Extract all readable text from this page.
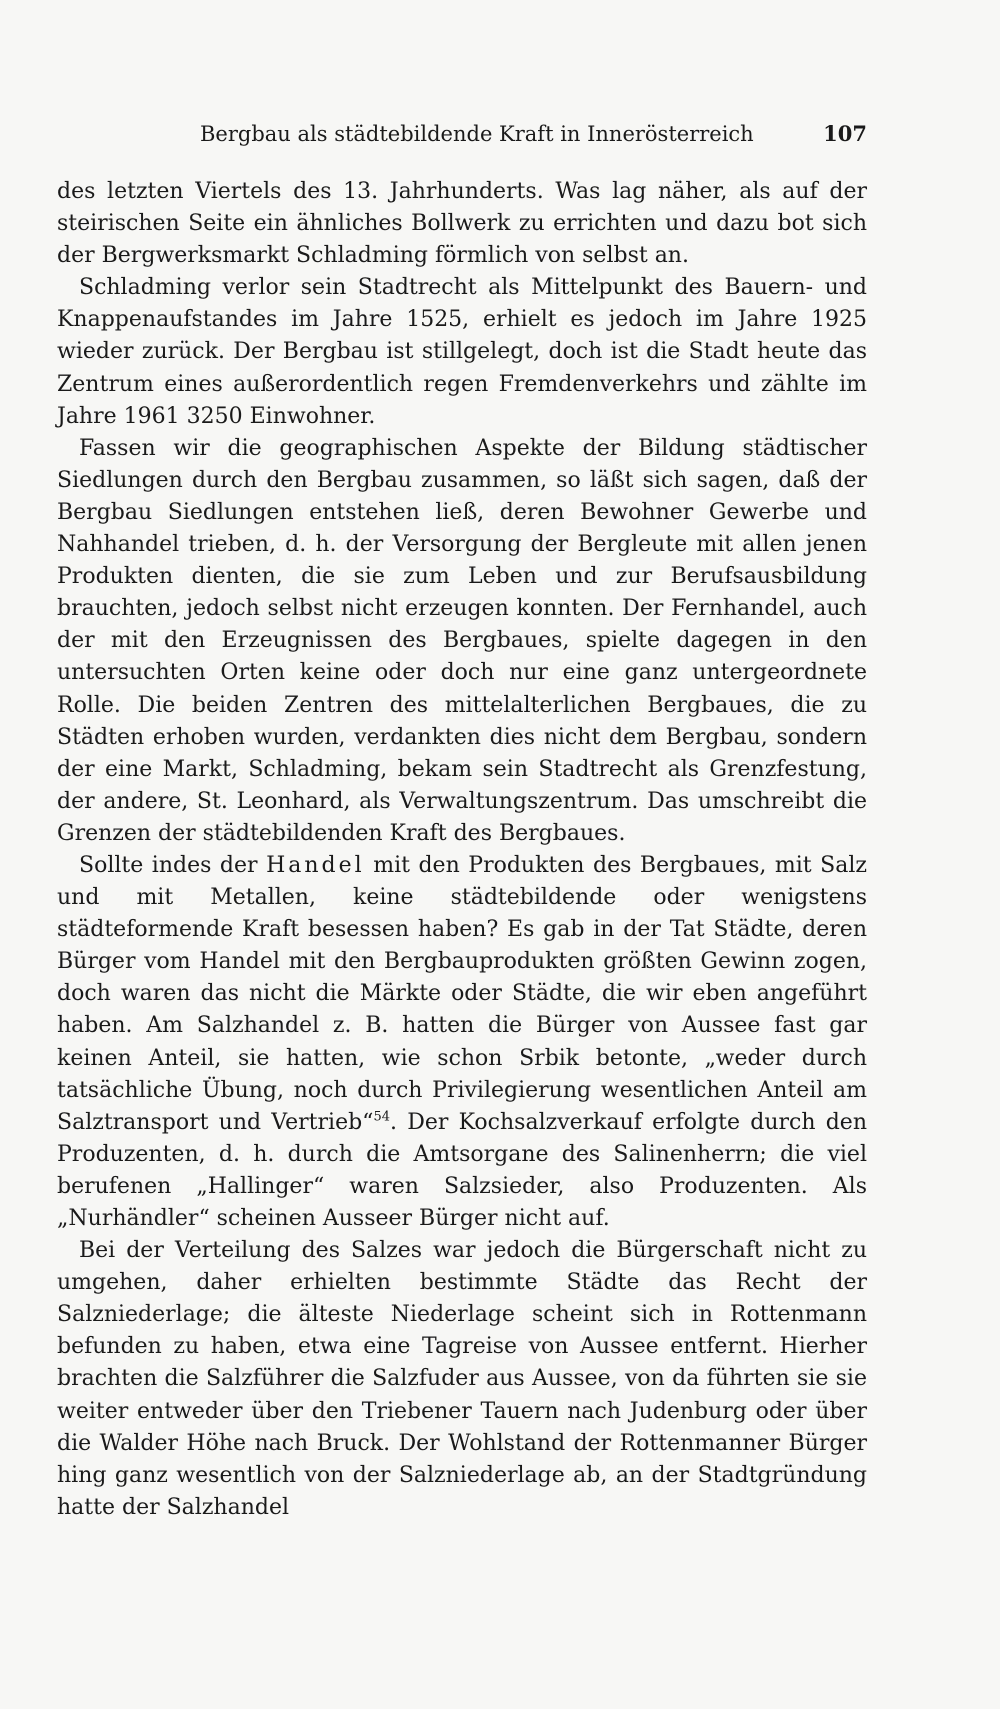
Bergbau als städtebildende Kraft in Innerösterreich	107

des letzten Viertels des 13. Jahrhunderts. Was lag näher, als auf der steirischen Seite ein ähnliches Bollwerk zu errichten und dazu bot sich der Bergwerksmarkt Schladming förmlich von selbst an.

Schladming verlor sein Stadtrecht als Mittelpunkt des Bauern- und Knappenaufstandes im Jahre 1525, erhielt es jedoch im Jahre 1925 wieder zurück. Der Bergbau ist stillgelegt, doch ist die Stadt heute das Zentrum eines außerordentlich regen Fremdenverkehrs und zählte im Jahre 1961 3250 Einwohner.

Fassen wir die geographischen Aspekte der Bildung städtischer Siedlungen durch den Bergbau zusammen, so läßt sich sagen, daß der Bergbau Siedlungen entstehen ließ, deren Bewohner Gewerbe und Nahhandel trieben, d. h. der Versorgung der Bergleute mit allen jenen Produkten dienten, die sie zum Leben und zur Berufsausbildung brauchten, jedoch selbst nicht erzeugen konnten. Der Fernhandel, auch der mit den Erzeugnissen des Bergbaues, spielte dagegen in den untersuchten Orten keine oder doch nur eine ganz untergeordnete Rolle. Die beiden Zentren des mittelalterlichen Bergbaues, die zu Städten erhoben wurden, verdankten dies nicht dem Bergbau, sondern der eine Markt, Schladming, bekam sein Stadtrecht als Grenzfestung, der andere, St. Leonhard, als Verwaltungszentrum. Das umschreibt die Grenzen der städtebildenden Kraft des Bergbaues.

Sollte indes der Handel mit den Produkten des Bergbaues, mit Salz und mit Metallen, keine städtebildende oder wenigstens städteformende Kraft besessen haben? Es gab in der Tat Städte, deren Bürger vom Handel mit den Bergbauprodukten größten Gewinn zogen, doch waren das nicht die Märkte oder Städte, die wir eben angeführt haben. Am Salzhandel z. B. hatten die Bürger von Aussee fast gar keinen Anteil, sie hatten, wie schon Srbik betonte, „weder durch tatsächliche Übung, noch durch Privilegierung wesentlichen Anteil am Salztransport und Vertrieb“$^{54}$. Der Kochsalzverkauf erfolgte durch den Produzenten, d. h. durch die Amtsorgane des Salinenherrn; die viel berufenen „Hallinger“ waren Salzsieder, also Produzenten. Als „Nurhändler“ scheinen Ausseer Bürger nicht auf.

Bei der Verteilung des Salzes war jedoch die Bürgerschaft nicht zu umgehen, daher erhielten bestimmte Städte das Recht der Salzniederlage; die älteste Niederlage scheint sich in Rottenmann befunden zu haben, etwa eine Tagreise von Aussee entfernt. Hierher brachten die Salzführer die Salzfuder aus Aussee, von da führten sie sie weiter entweder über den Triebener Tauern nach Judenburg oder über die Walder Höhe nach Bruck. Der Wohlstand der Rottenmanner Bürger hing ganz wesentlich von der Salzniederlage ab, an der Stadtgründung hatte der Salzhandel
